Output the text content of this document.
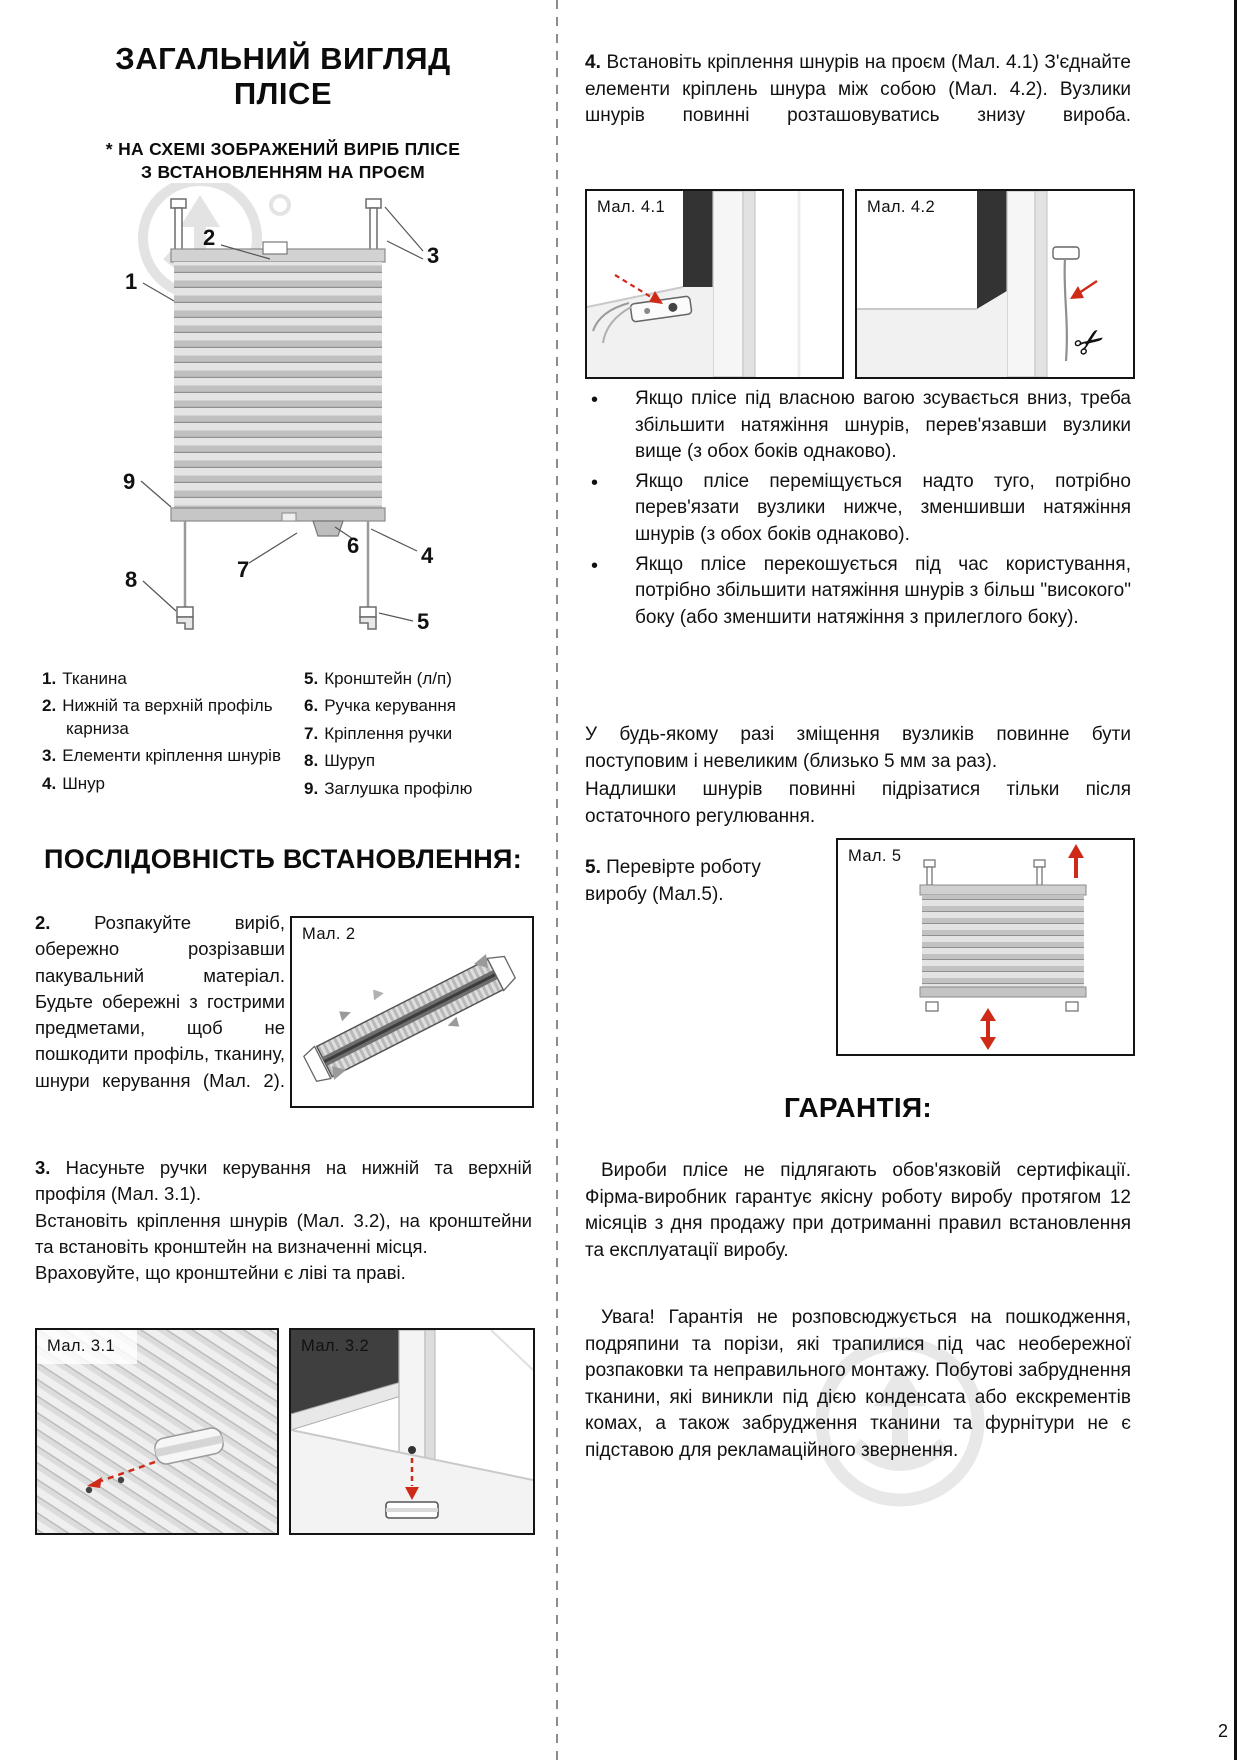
2
ЗАГАЛЬНИЙ ВИГЛЯД
ПЛІСЕ
* НА СХЕМІ ЗОБРАЖЕНИЙ ВИРІБ ПЛІСЕ
З ВСТАНОВЛЕННЯМ НА ПРОЄМ
1
2
3
4
5
6
7
8
9
1. Тканина
2. Нижній та верхній профіль карниза
3. Елементи кріплення шнурів
4. Шнур
5. Кронштейн (л/п)
6. Ручка керування
7. Кріплення ручки
8. Шуруп
9. Заглушка профілю
ПОСЛІДОВНІСТЬ ВСТАНОВЛЕННЯ:

2. Розпакуйте виріб, обережно розрізавши пакувальний матеріал. Будьте обережні з гострими предметами, щоб не пошкодити профіль, тканину, шнури керування (Мал. 2).

Мал. 2

3. Насуньте ручки керування на нижній та верхній профіля (Мал. 3.1).

Встановіть кріплення шнурів (Мал. 3.2), на кронштейни та встановіть кронштейн на визначенні місця.

Враховуйте, що кронштейни є ліві та праві.

Мал. 3.1	Мал. 3.2

4. Встановіть кріплення шнурів на проєм (Мал. 4.1) З'єднайте елементи кріплень шнура між собою (Мал. 4.2). Вузлики шнурів повинні розташовуватись знизу вироба.

Мал. 4.1	Мал. 4.2
✂
• Якщо плісе під власною вагою зсувається вниз, треба збільшити натяжіння шнурів, перев'язавши вузлики вище (з обох боків однаково).
• Якщо плісе переміщується надто туго, потрібно перев'язати вузлики нижче, зменшивши натяжіння шнурів (з обох боків однаково).
• Якщо плісе перекошується під час користування, потрібно збільшити натяжіння шнурів з більш "високого" боку (або зменшити натяжіння з прилеглого боку).

У будь-якому разі зміщення вузликів повинне бути поступовим і невеликим (близько 5 мм за раз).

Надлишки шнурів повинні підрізатися тільки після остаточного регулювання.

5. Перевірте роботу виробу (Мал.5).

Мал. 5
ГАРАНТІЯ:

Вироби плісе не підлягають обов'язковій сертифікації. Фірма-виробник гарантує якісну роботу виробу протягом 12 місяців з дня продажу при дотриманні правил встановлення та експлуатації виробу.

Увага! Гарантія не розповсюджується на пошкодження, подряпини та порізи, які трапилися під час необережної розпаковки та неправильного монтажу. Побутові забруднення тканини, які виникли під дією конденсата або екскрементів комах, а також забрудження тканини та фурнітури не є підставою для рекламаційного звернення.
